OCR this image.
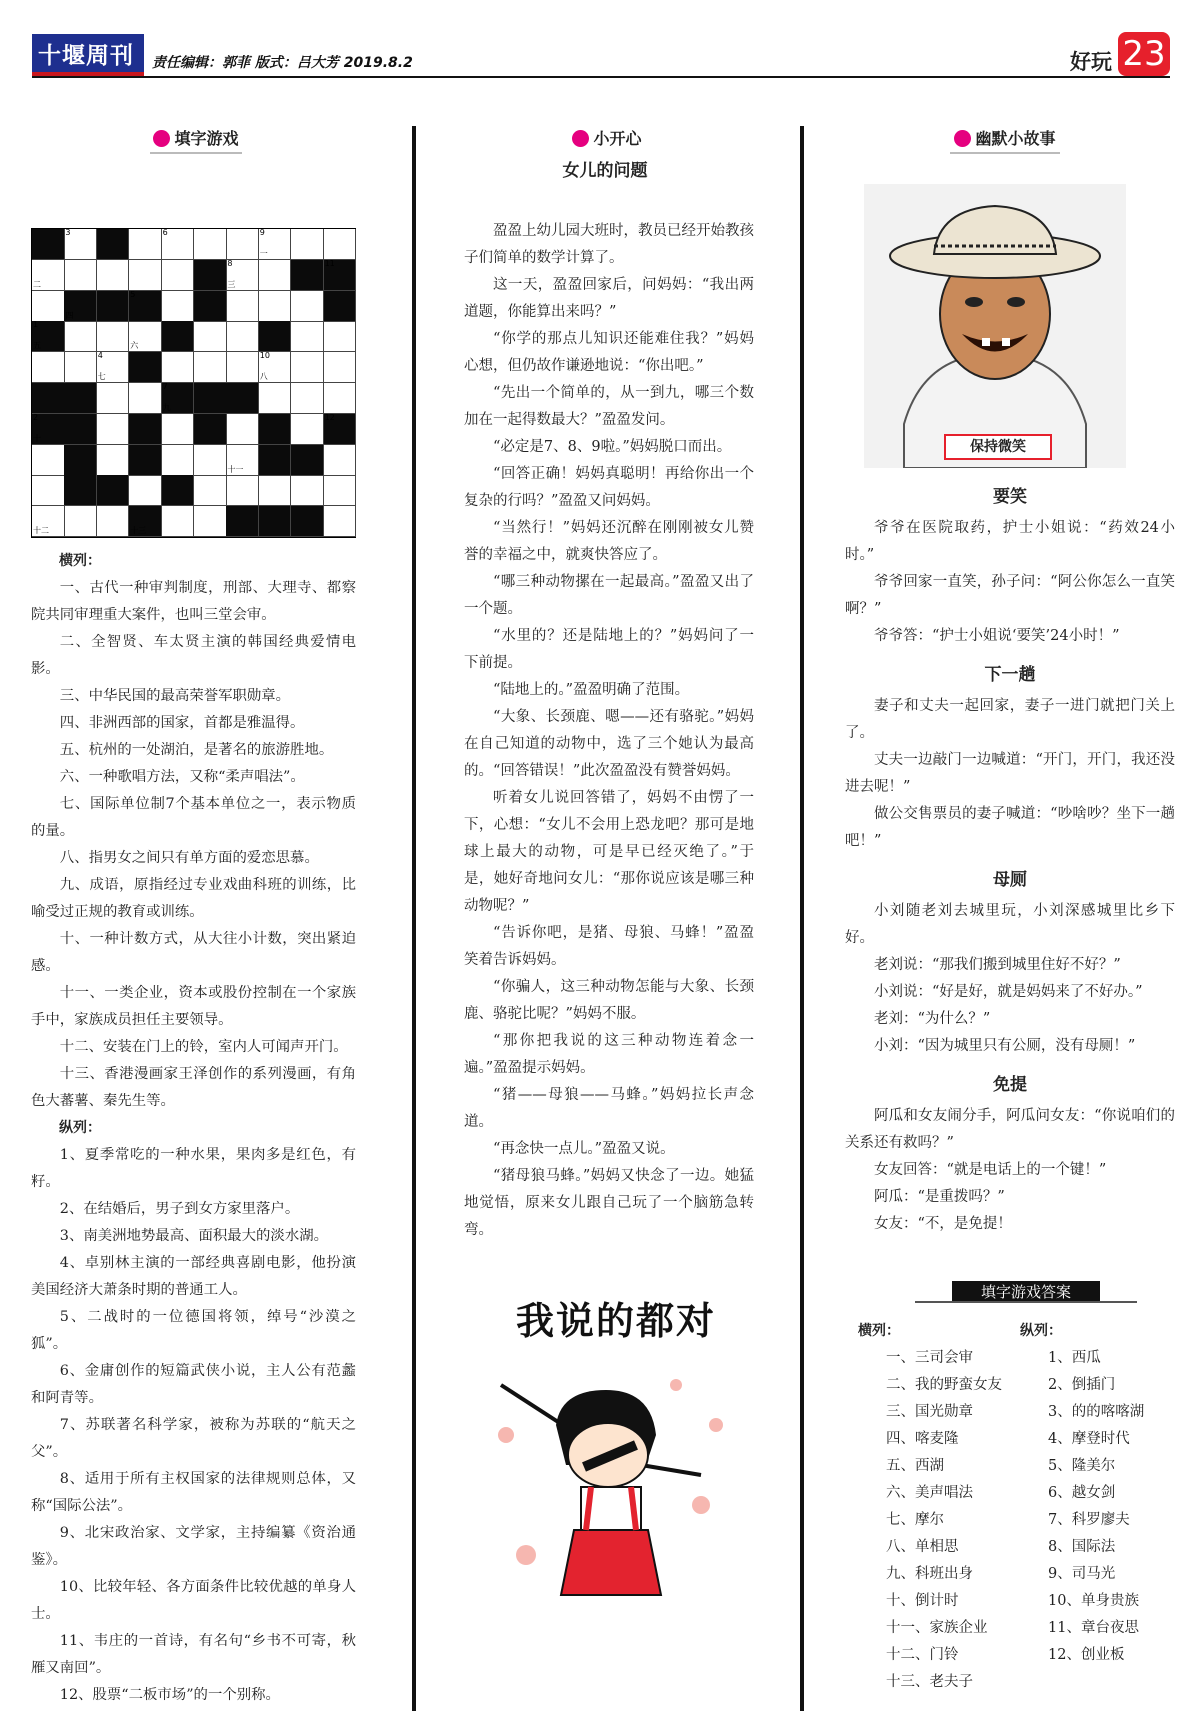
十堰周刊 责任编辑：郭菲 版式：吕大芳 2019.8.2	好玩 23
填字游戏
3	6	9
一
二
8
三
11
四
5
1
五	六
4
七
10
八
7
九
2
十
12
十一
十二	十三

横列：

一、古代一种审判制度，刑部、大理寺、都察院共同审理重大案件，也叫三堂会审。

二、全智贤、车太贤主演的韩国经典爱情电影。

三、中华民国的最高荣誉军职勋章。

四、非洲西部的国家，首都是雅温得。

五、杭州的一处湖泊，是著名的旅游胜地。

六、一种歌唱方法，又称“柔声唱法”。

七、国际单位制7个基本单位之一，表示物质的量。

八、指男女之间只有单方面的爱恋思慕。

九、成语，原指经过专业戏曲科班的训练，比喻受过正规的教育或训练。

十、一种计数方式，从大往小计数，突出紧迫感。

十一、一类企业，资本或股份控制在一个家族手中，家族成员担任主要领导。

十二、安装在门上的铃，室内人可闻声开门。

十三、香港漫画家王泽创作的系列漫画，有角色大蕃薯、秦先生等。

纵列：

1、夏季常吃的一种水果，果肉多是红色，有籽。

2、在结婚后，男子到女方家里落户。

3、南美洲地势最高、面积最大的淡水湖。

4、卓别林主演的一部经典喜剧电影，他扮演美国经济大萧条时期的普通工人。

5、二战时的一位德国将领，绰号“沙漠之狐”。

6、金庸创作的短篇武侠小说，主人公有范蠡和阿青等。

7、苏联著名科学家，被称为苏联的“航天之父”。

8、适用于所有主权国家的法律规则总体，又称“国际公法”。

9、北宋政治家、文学家，主持编纂《资治通鉴》。

10、比较年轻、各方面条件比较优越的单身人士。

11、韦庄的一首诗，有名句“乡书不可寄，秋雁又南回”。

12、股票“二板市场”的一个别称。

小开心
女儿的问题

盈盈上幼儿园大班时，教员已经开始教孩子们简单的数学计算了。

这一天，盈盈回家后，问妈妈：“我出两道题，你能算出来吗？”

“你学的那点儿知识还能难住我？”妈妈心想，但仍故作谦逊地说：“你出吧。”

“先出一个简单的，从一到九，哪三个数加在一起得数最大？”盈盈发问。

“必定是7、8、9啦。”妈妈脱口而出。

“回答正确！妈妈真聪明！再给你出一个复杂的行吗？”盈盈又问妈妈。

“当然行！”妈妈还沉醉在刚刚被女儿赞誉的幸福之中，就爽快答应了。

“哪三种动物摞在一起最高。”盈盈又出了一个题。

“水里的？还是陆地上的？”妈妈问了一下前提。

“陆地上的。”盈盈明确了范围。

“大象、长颈鹿、嗯——还有骆驼。”妈妈在自己知道的动物中，选了三个她认为最高的。“回答错误！”此次盈盈没有赞誉妈妈。

听着女儿说回答错了，妈妈不由愣了一下，心想：“女儿不会用上恐龙吧？那可是地球上最大的动物，可是早已经灭绝了。”于是，她好奇地问女儿：“那你说应该是哪三种动物呢？”

“告诉你吧，是猪、母狼、马蜂！”盈盈笑着告诉妈妈。

“你骗人，这三种动物怎能与大象、长颈鹿、骆驼比呢？”妈妈不服。

“那你把我说的这三种动物连着念一遍。”盈盈提示妈妈。

“猪——母狼——马蜂。”妈妈拉长声念道。

“再念快一点儿。”盈盈又说。

“猪母狼马蜂。”妈妈又快念了一边。她猛地觉悟，原来女儿跟自己玩了一个脑筋急转弯。

我说的都对
幽默小故事
保持微笑
要笑

爷爷在医院取药，护士小姐说：“药效24小时。”

爷爷回家一直笑，孙子问：“阿公你怎么一直笑啊？”

爷爷答：“护士小姐说‘要笑’24小时！”

下一趟

妻子和丈夫一起回家，妻子一进门就把门关上了。

丈夫一边敲门一边喊道：“开门，开门，我还没进去呢！”

做公交售票员的妻子喊道：“吵啥吵？坐下一趟吧！”

母厕

小刘随老刘去城里玩，小刘深感城里比乡下好。

老刘说：“那我们搬到城里住好不好？”

小刘说：“好是好，就是妈妈来了不好办。”

老刘：“为什么？”

小刘：“因为城里只有公厕，没有母厕！”

免提

阿瓜和女友闹分手，阿瓜问女友：“你说咱们的关系还有救吗？”

女友回答：“就是电话上的一个键！”

阿瓜：“是重拨吗？”

女友：“不，是免提！

填字游戏答案
横列：
一、三司会审
二、我的野蛮女友
三、国光勋章
四、喀麦隆
五、西湖
六、美声唱法
七、摩尔
八、单相思
九、科班出身
十、倒计时
十一、家族企业
十二、门铃
十三、老夫子
纵列：
1、西瓜
2、倒插门
3、的的喀喀湖
4、摩登时代
5、隆美尔
6、越女剑
7、科罗廖夫
8、国际法
9、司马光
10、单身贵族
11、章台夜思
12、创业板
